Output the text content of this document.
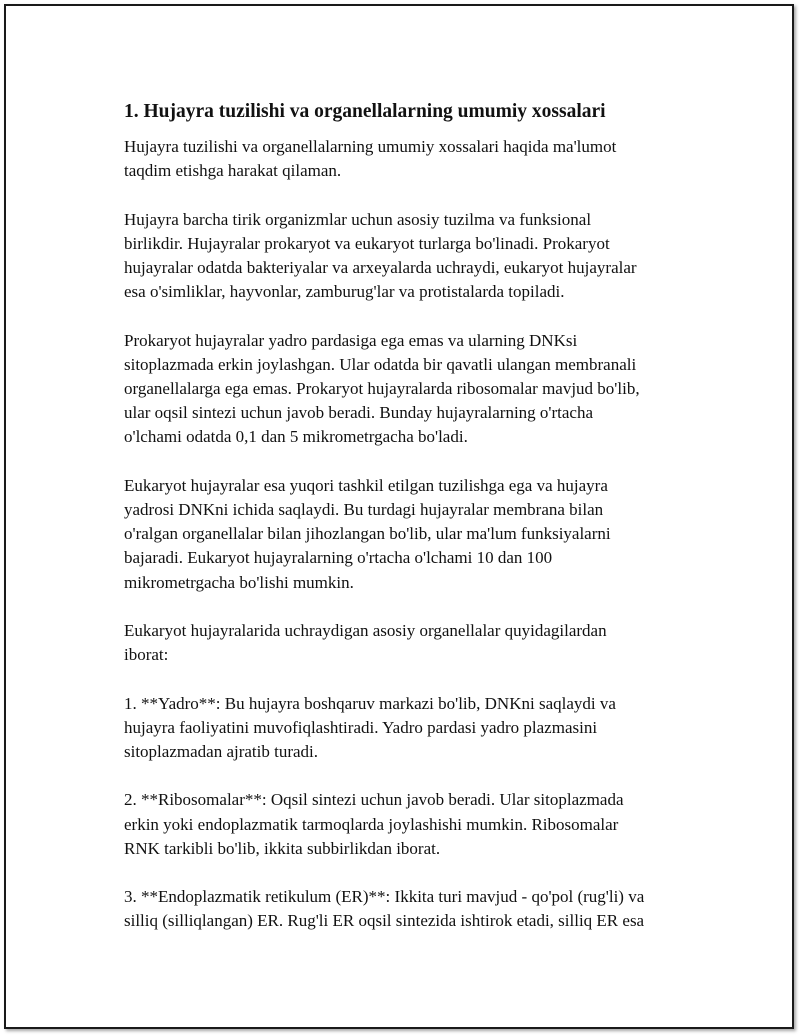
1. Hujayra tuzilishi va organellalarning umumiy xossalari

Hujayra tuzilishi va organellalarning umumiy xossalari haqida ma'lumot
taqdim etishga harakat qilaman.

Hujayra barcha tirik organizmlar uchun asosiy tuzilma va funksional
birlikdir. Hujayralar prokaryot va eukaryot turlarga bo'linadi. Prokaryot
hujayralar odatda bakteriyalar va arxeyalarda uchraydi, eukaryot hujayralar
esa o'simliklar, hayvonlar, zamburug'lar va protistalarda topiladi.

Prokaryot hujayralar yadro pardasiga ega emas va ularning DNKsi
sitoplazmada erkin joylashgan. Ular odatda bir qavatli ulangan membranali
organellalarga ega emas. Prokaryot hujayralarda ribosomalar mavjud bo'lib,
ular oqsil sintezi uchun javob beradi. Bunday hujayralarning o'rtacha
o'lchami odatda 0,1 dan 5 mikrometrgacha bo'ladi.

Eukaryot hujayralar esa yuqori tashkil etilgan tuzilishga ega va hujayra
yadrosi DNKni ichida saqlaydi. Bu turdagi hujayralar membrana bilan
o'ralgan organellalar bilan jihozlangan bo'lib, ular ma'lum funksiyalarni
bajaradi. Eukaryot hujayralarning o'rtacha o'lchami 10 dan 100
mikrometrgacha bo'lishi mumkin.

Eukaryot hujayralarida uchraydigan asosiy organellalar quyidagilardan
iborat:

1. **Yadro**: Bu hujayra boshqaruv markazi bo'lib, DNKni saqlaydi va
hujayra faoliyatini muvofiqlashtiradi. Yadro pardasi yadro plazmasini
sitoplazmadan ajratib turadi.

2. **Ribosomalar**: Oqsil sintezi uchun javob beradi. Ular sitoplazmada
erkin yoki endoplazmatik tarmoqlarda joylashishi mumkin. Ribosomalar
RNK tarkibli bo'lib, ikkita subbirlikdan iborat.

3. **Endoplazmatik retikulum (ER)**: Ikkita turi mavjud - qo'pol (rug'li) va
silliq (silliqlangan) ER. Rug'li ER oqsil sintezida ishtirok etadi, silliq ER esa
